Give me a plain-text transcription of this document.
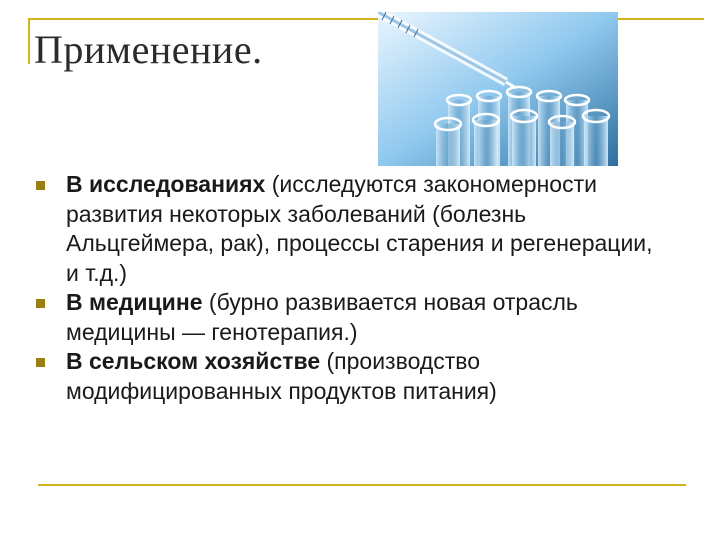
Применение.
В исследованиях (исследуются закономерности развития некоторых заболеваний (болезнь Альцгеймера, рак), процессы старения и регенерации, и т.д.)
В медицине (бурно развивается новая отрасль медицины — генотерапия.)
В сельском хозяйстве (производство модифицированных продуктов питания)
